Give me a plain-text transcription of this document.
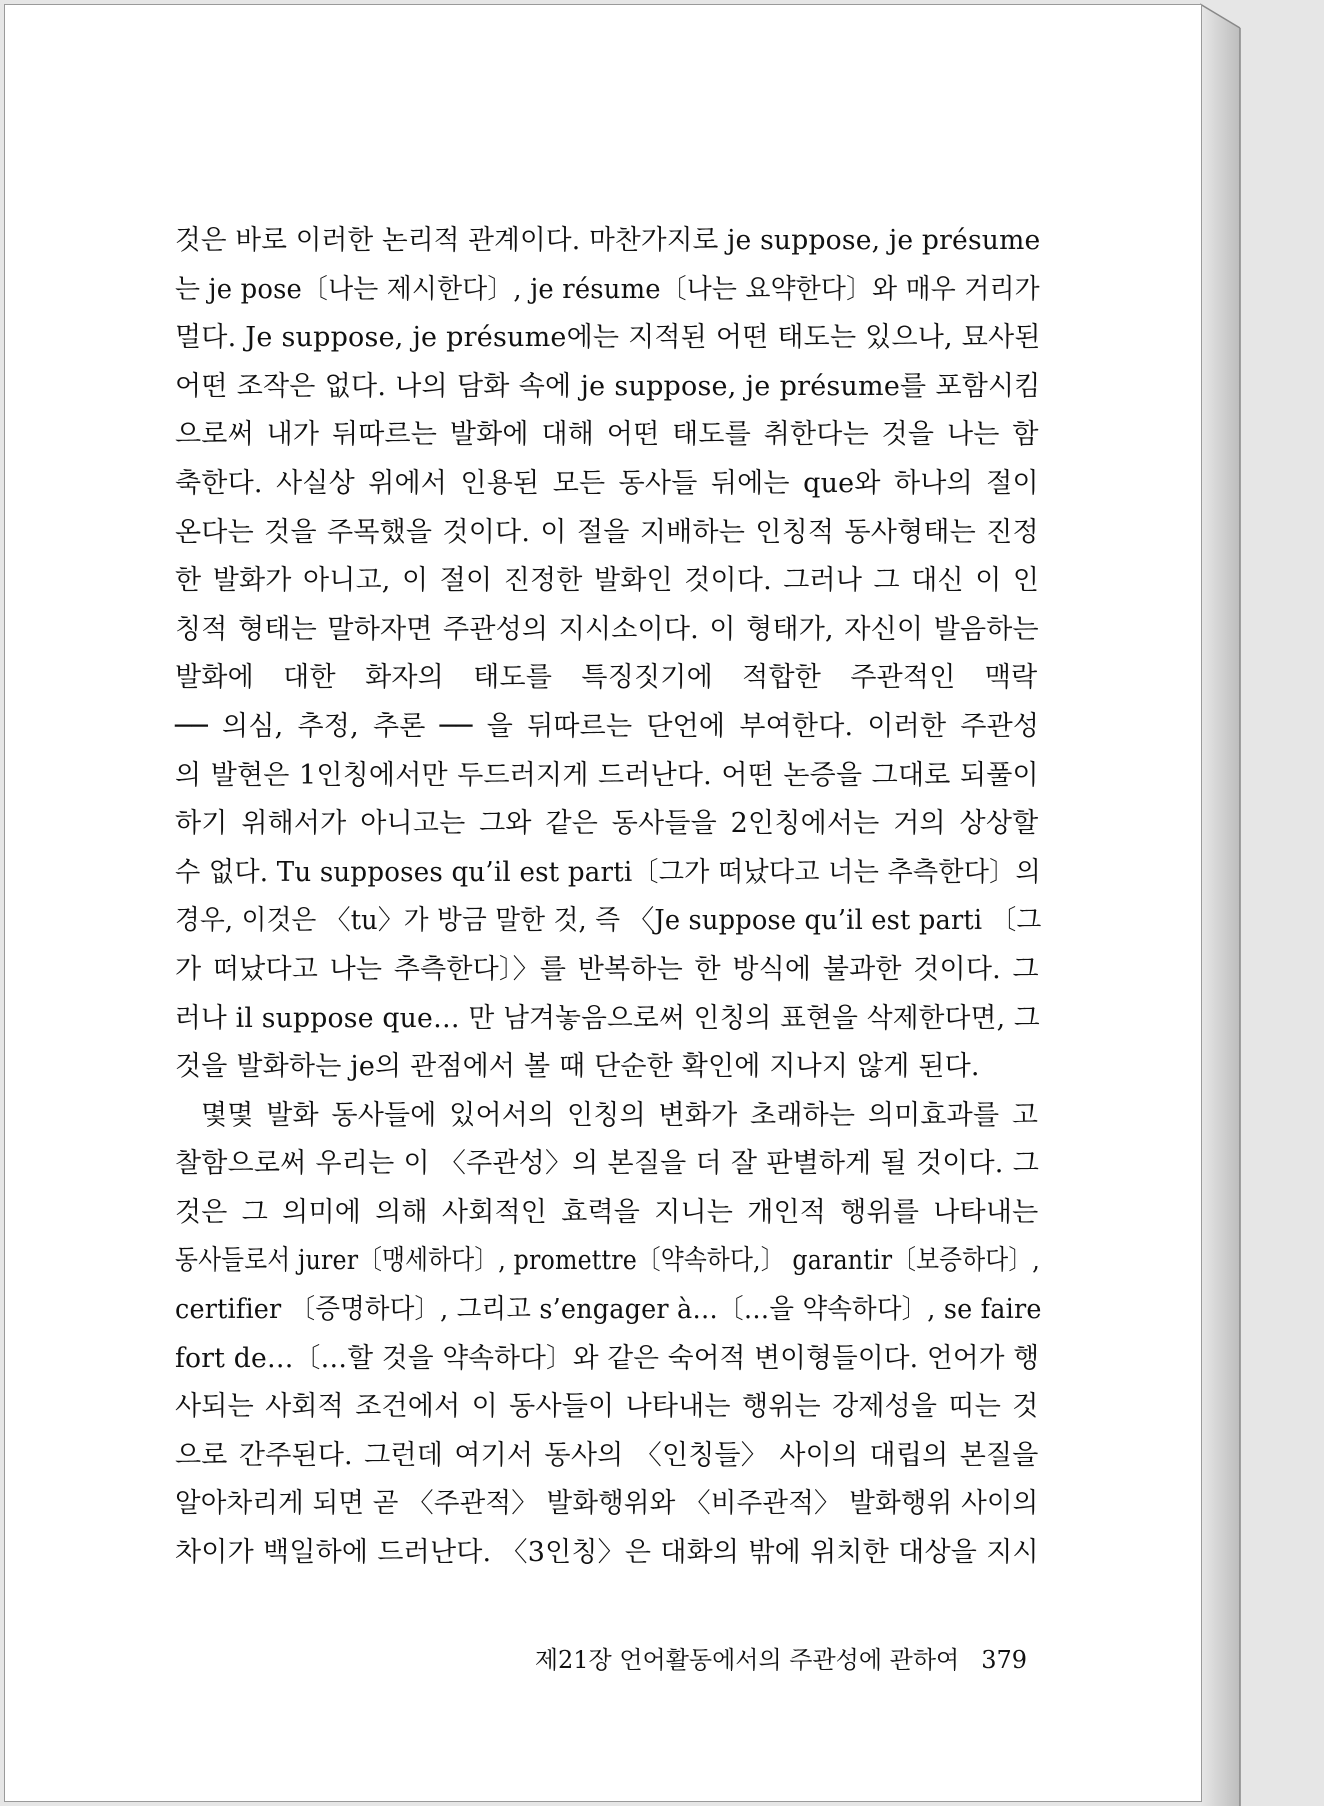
것은 바로 이러한 논리적 관계이다. 마찬가지로 je suppose, je présume
는 je pose〔나는 제시한다〕, je résume〔나는 요약한다〕와 매우 거리가
멀다. Je suppose, je présume에는 지적된 어떤 태도는 있으나, 묘사된
어떤 조작은 없다. 나의 담화 속에 je suppose, je présume를 포함시킴
으로써 내가 뒤따르는 발화에 대해 어떤 태도를 취한다는 것을 나는 함
축한다. 사실상 위에서 인용된 모든 동사들 뒤에는 que와 하나의 절이
온다는 것을 주목했을 것이다. 이 절을 지배하는 인칭적 동사형태는 진정
한 발화가 아니고, 이 절이 진정한 발화인 것이다. 그러나 그 대신 이 인
칭적 형태는 말하자면 주관성의 지시소이다. 이 형태가, 자신이 발음하는
발화에 대한 화자의 태도를 특징짓기에 적합한 주관적인 맥락
── 의심, 추정, 추론 ── 을 뒤따르는 단언에 부여한다. 이러한 주관성
의 발현은 1인칭에서만 두드러지게 드러난다. 어떤 논증을 그대로 되풀이
하기 위해서가 아니고는 그와 같은 동사들을 2인칭에서는 거의 상상할
수 없다. Tu supposes qu’il est parti〔그가 떠났다고 너는 추측한다〕의
경우, 이것은 〈tu〉가 방금 말한 것, 즉 〈Je suppose qu’il est parti 〔그
가 떠났다고 나는 추측한다〕〉를 반복하는 한 방식에 불과한 것이다. 그
러나 il suppose que… 만 남겨놓음으로써 인칭의 표현을 삭제한다면, 그
것을 발화하는 je의 관점에서 볼 때 단순한 확인에 지나지 않게 된다.
몇몇 발화 동사들에 있어서의 인칭의 변화가 초래하는 의미효과를 고
찰함으로써 우리는 이 〈주관성〉의 본질을 더 잘 판별하게 될 것이다. 그
것은 그 의미에 의해 사회적인 효력을 지니는 개인적 행위를 나타내는
동사들로서 jurer〔맹세하다〕, promettre〔약속하다,〕 garantir〔보증하다〕,
certifier 〔증명하다〕, 그리고 s’engager à…〔…을 약속하다〕, se faire
fort de…〔…할 것을 약속하다〕와 같은 숙어적 변이형들이다. 언어가 행
사되는 사회적 조건에서 이 동사들이 나타내는 행위는 강제성을 띠는 것
으로 간주된다. 그런데 여기서 동사의 〈인칭들〉 사이의 대립의 본질을
알아차리게 되면 곧 〈주관적〉 발화행위와 〈비주관적〉 발화행위 사이의
차이가 백일하에 드러난다. 〈3인칭〉은 대화의 밖에 위치한 대상을 지시
제21장 언어활동에서의 주관성에 관하여 379
